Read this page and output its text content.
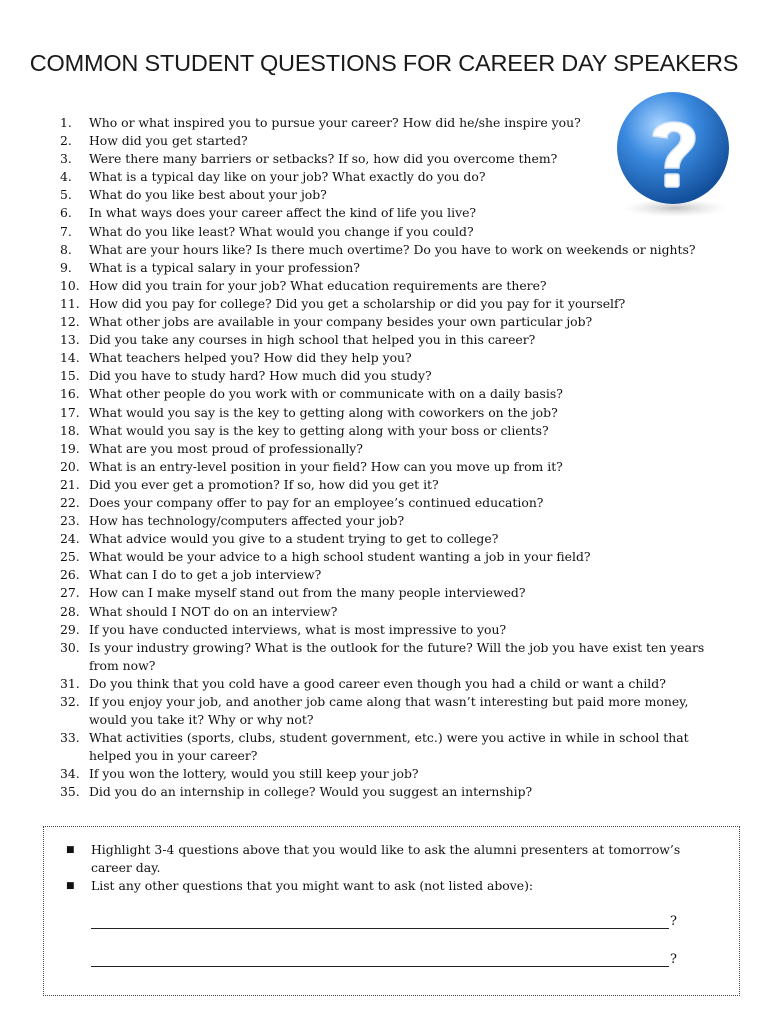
COMMON STUDENT QUESTIONS FOR CAREER DAY SPEAKERS
1.	Who or what inspired you to pursue your career? How did he/she inspire you?
2.	How did you get started?
3.	Were there many barriers or setbacks? If so, how did you overcome them?
4.	What is a typical day like on your job? What exactly do you do?
5.	What do you like best about your job?
6.	In what ways does your career affect the kind of life you live?
7.	What do you like least? What would you change if you could?
8.	What are your hours like? Is there much overtime? Do you have to work on weekends or nights?
9.	What is a typical salary in your profession?
10. How did you train for your job? What education requirements are there?
11. How did you pay for college? Did you get a scholarship or did you pay for it yourself?
12. What other jobs are available in your company besides your own particular job?
13. Did you take any courses in high school that helped you in this career?
14. What teachers helped you? How did they help you?
15. Did you have to study hard? How much did you study?
16. What other people do you work with or communicate with on a daily basis?
17. What would you say is the key to getting along with coworkers on the job?
18. What would you say is the key to getting along with your boss or clients?
19. What are you most proud of professionally?
20. What is an entry-level position in your field? How can you move up from it?
21. Did you ever get a promotion? If so, how did you get it?
22. Does your company offer to pay for an employee’s continued education?
23. How has technology/computers affected your job?
24. What advice would you give to a student trying to get to college?
25. What would be your advice to a high school student wanting a job in your field?
26. What can I do to get a job interview?
27. How can I make myself stand out from the many people interviewed?
28. What should I NOT do on an interview?
29. If you have conducted interviews, what is most impressive to you?
30. Is your industry growing? What is the outlook for the future? Will the job you have exist ten years from now?
31. Do you think that you cold have a good career even though you had a child or want a child?
32. If you enjoy your job, and another job came along that wasn’t interesting but paid more money, would you take it? Why or why not?
33. What activities (sports, clubs, student government, etc.) were you active in while in school that helped you in your career?
34. If you won the lottery, would you still keep your job?
35. Did you do an internship in college? Would you suggest an internship?
■	Highlight 3-4 questions above that you would like to ask the alumni presenters at tomorrow’s career day.
■	List any other questions that you might want to ask (not listed above):
?
?
